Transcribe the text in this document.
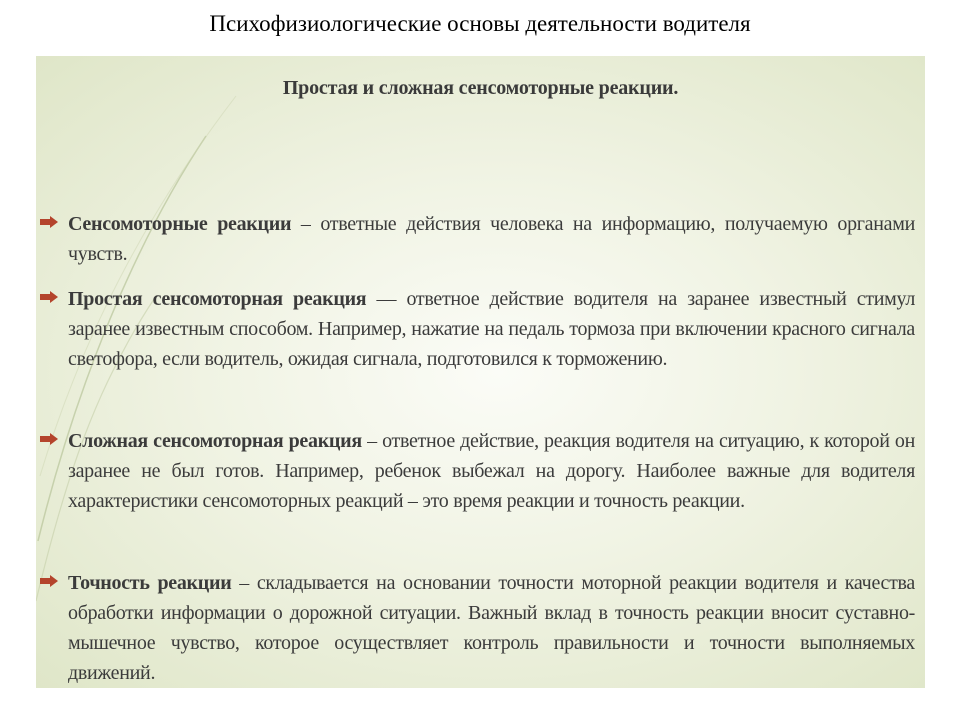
Психофизиологические основы деятельности водителя
Простая и сложная сенсомоторные реакции.
Сенсомоторные реакции – ответные действия человека на информацию, получаемую органами чувств.
Простая сенсомоторная реакция — ответное действие водителя на заранее известный стимул заранее известным способом. Например, нажатие на педаль тормоза при включении красного сигнала светофора, если водитель, ожидая сигнала, подготовился к торможению.
Сложная сенсомоторная реакция – ответное действие, реакция водителя на ситуацию, к которой он заранее не был готов. Например, ребенок выбежал на дорогу. Наиболее важные для водителя характеристики сенсомоторных реакций – это время реакции и точность реакции.
Точность реакции – складывается на основании точности моторной реакции водителя и качества обработки информации о дорожной ситуации. Важный вклад в точность реакции вносит суставно-мышечное чувство, которое осуществляет контроль правильности и точности выполняемых движений.
